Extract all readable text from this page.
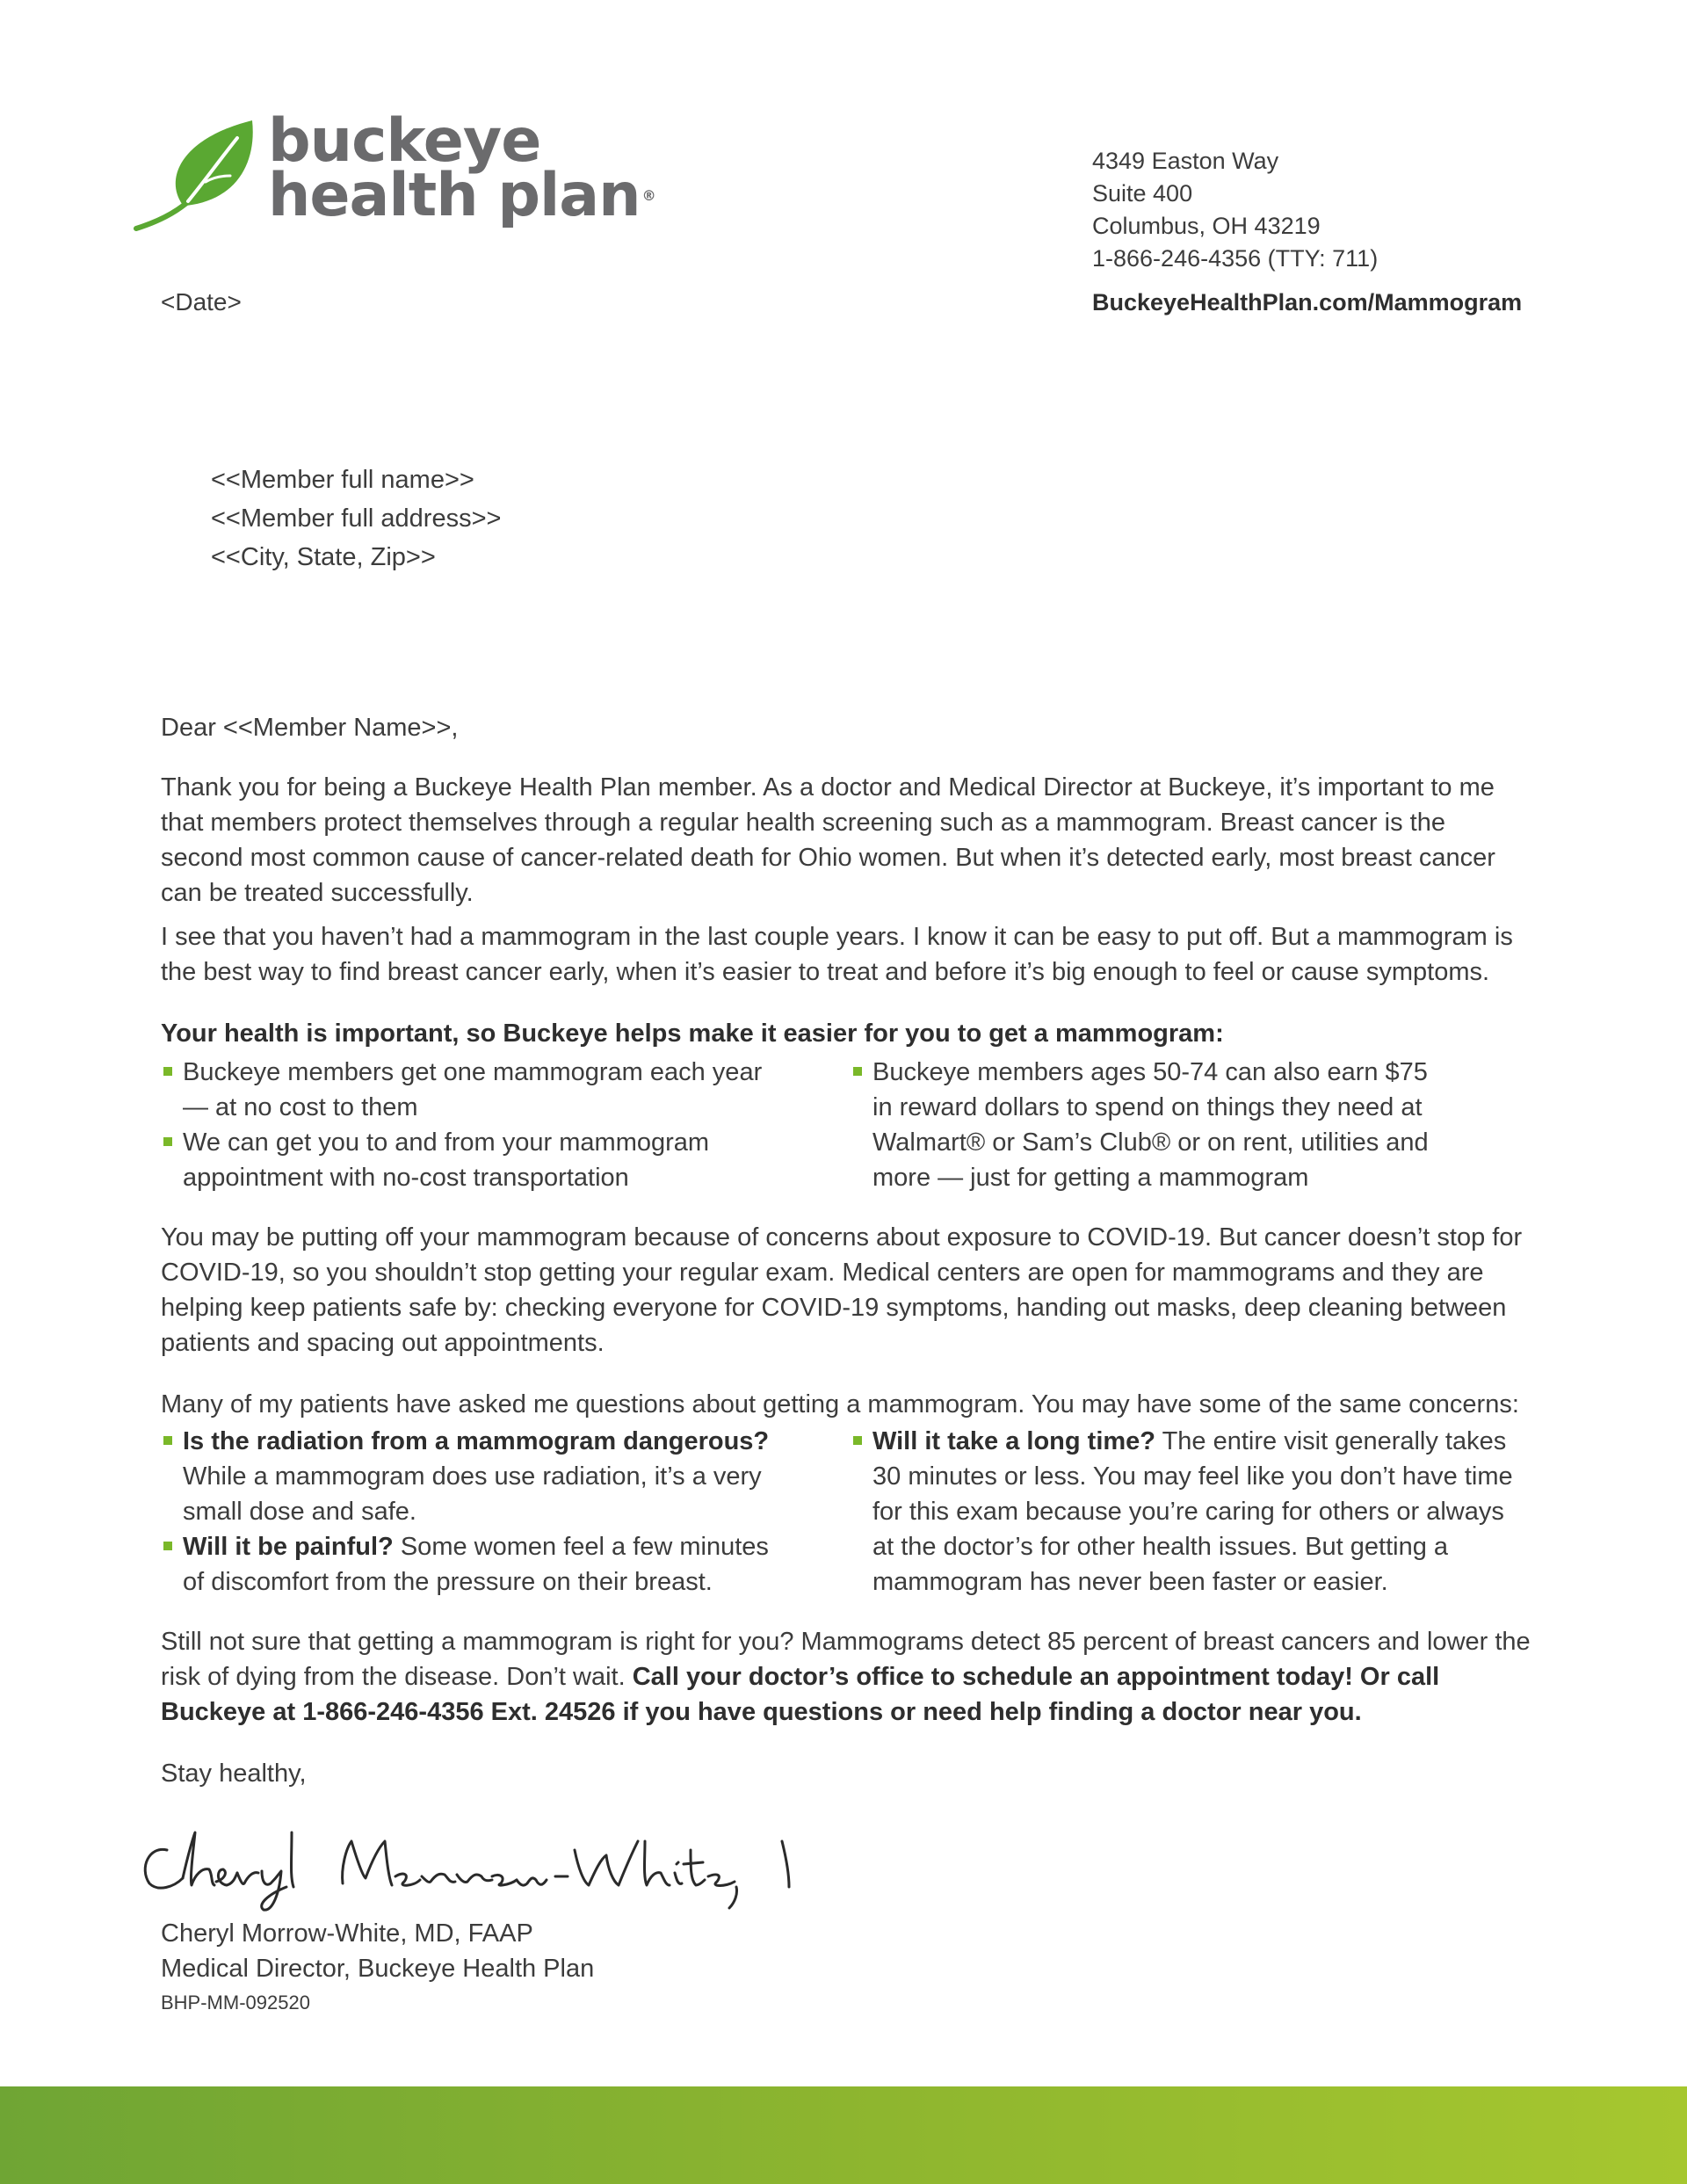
buckeye
health plan ®
4349 Easton Way
Suite 400
Columbus, OH 43219
1-866-246-4356 (TTY: 711)
BuckeyeHealthPlan.com/Mammogram
<Date>
<<Member full name>>
<<Member full address>>
<<City, State, Zip>>
Dear <<Member Name>>,
Thank you for being a Buckeye Health Plan member. As a doctor and Medical Director at Buckeye, it’s important to me that members protect themselves through a regular health screening such as a mammogram. Breast cancer is the second most common cause of cancer-related death for Ohio women. But when it’s detected early, most breast cancer can be treated successfully.
I see that you haven’t had a mammogram in the last couple years. I know it can be easy to put off. But a mammogram is the best way to find breast cancer early, when it’s easier to treat and before it’s big enough to feel or cause symptoms.
Your health is important, so Buckeye helps make it easier for you to get a mammogram:
Buckeye members get one mammogram each year — at no cost to them
We can get you to and from your mammogram appointment with no-cost transportation
Buckeye members ages 50-74 can also earn $75 in reward dollars to spend on things they need at Walmart® or Sam’s Club® or on rent, utilities and more — just for getting a mammogram
You may be putting off your mammogram because of concerns about exposure to COVID-19. But cancer doesn’t stop for COVID-19, so you shouldn’t stop getting your regular exam. Medical centers are open for mammograms and they are helping keep patients safe by: checking everyone for COVID-19 symptoms, handing out masks, deep cleaning between patients and spacing out appointments.
Many of my patients have asked me questions about getting a mammogram. You may have some of the same concerns:
Is the radiation from a mammogram dangerous? While a mammogram does use radiation, it’s a very small dose and safe.
Will it be painful? Some women feel a few minutes of discomfort from the pressure on their breast.
Will it take a long time? The entire visit generally takes 30 minutes or less. You may feel like you don’t have time for this exam because you’re caring for others or always at the doctor’s for other health issues. But getting a mammogram has never been faster or easier.
Still not sure that getting a mammogram is right for you? Mammograms detect 85 percent of breast cancers and lower the risk of dying from the disease. Don’t wait. Call your doctor’s office to schedule an appointment today! Or call Buckeye at 1-866-246-4356 Ext. 24526 if you have questions or need help finding a doctor near you.
Stay healthy,
Cheryl Morrow-White, MD, FAAP
Medical Director, Buckeye Health Plan
BHP-MM-092520
